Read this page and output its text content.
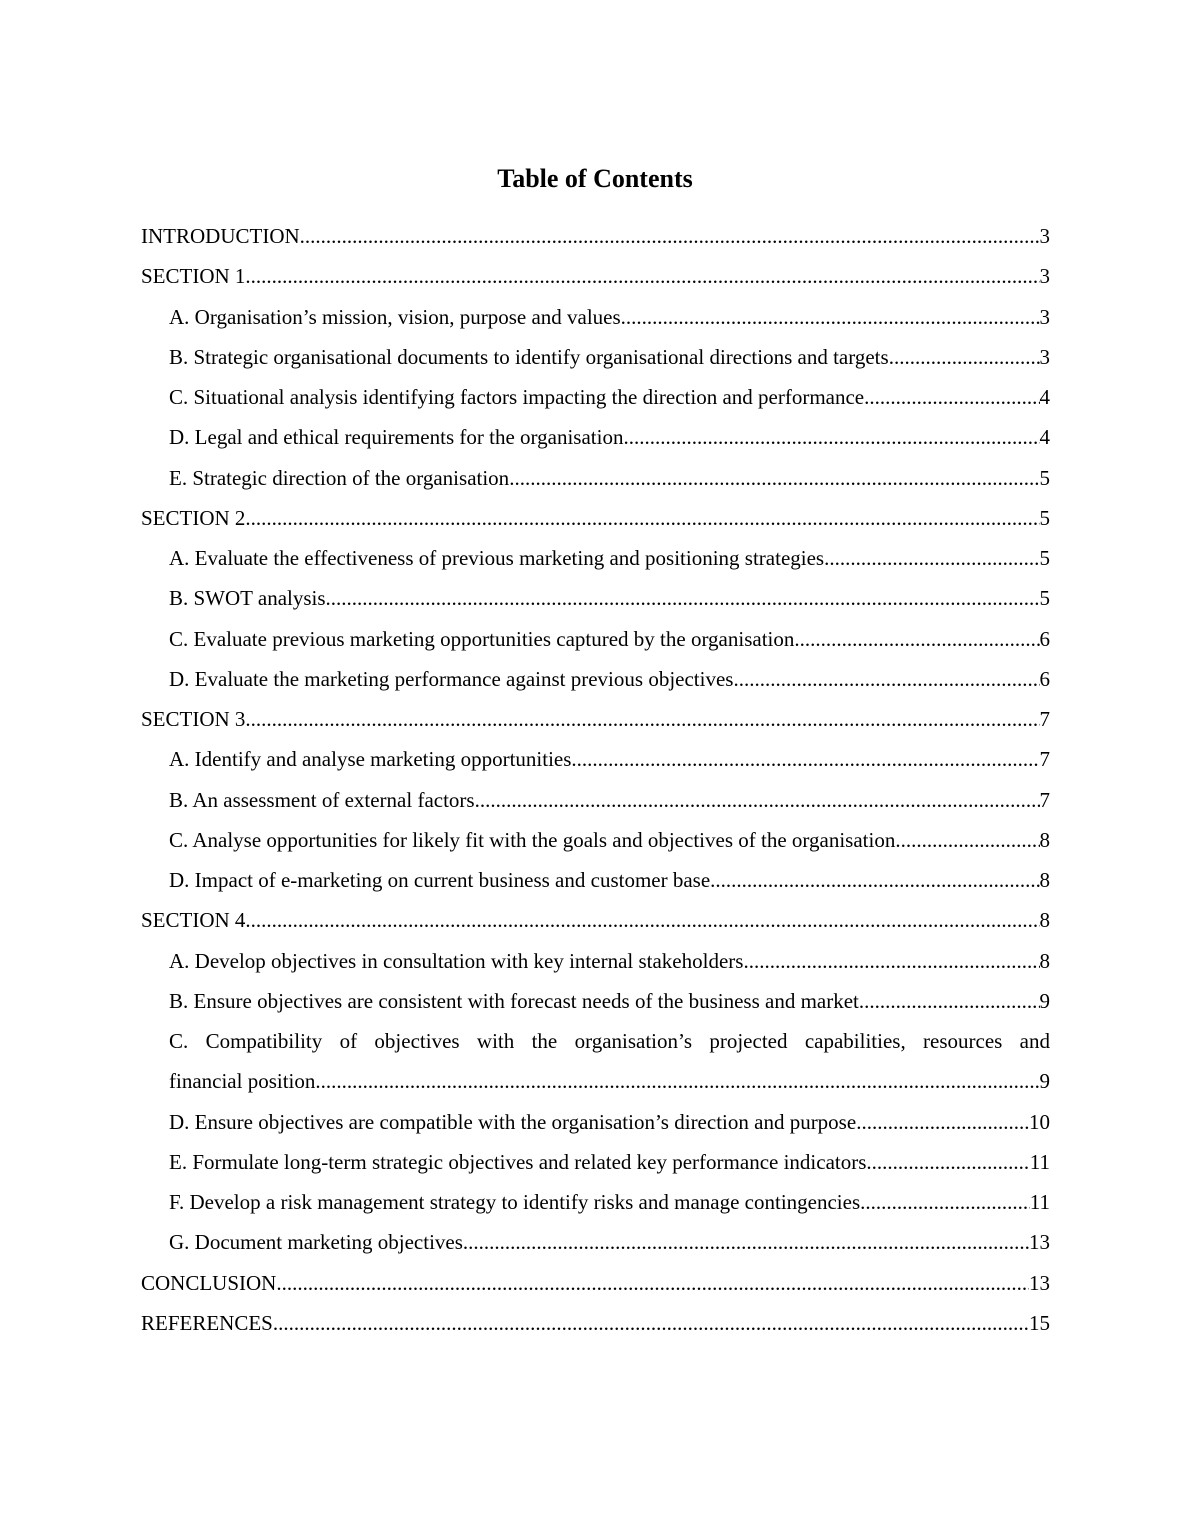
Table of Contents
INTRODUCTION .....	3
SECTION 1 .....	3
A. Organisation’s mission, vision, purpose and values .....	3
B. Strategic organisational documents to identify organisational directions and targets .....	3
C. Situational analysis identifying factors impacting the direction and performance .....	4
D. Legal and ethical requirements for the organisation .....	4
E. Strategic direction of the organisation .....	5
SECTION 2 .....	5
A. Evaluate the effectiveness of previous marketing and positioning strategies .....	5
B. SWOT analysis .....	5
C. Evaluate previous marketing opportunities captured by the organisation .....	6
D. Evaluate the marketing performance against previous objectives .....	6
SECTION 3 .....	7
A. Identify and analyse marketing opportunities .....	7
B. An assessment of external factors .....	7
C. Analyse opportunities for likely fit with the goals and objectives of the organisation .....	8
D. Impact of e-marketing on current business and customer base .....	8
SECTION 4 .....	8
A. Develop objectives in consultation with key internal stakeholders .....	8
B. Ensure objectives are consistent with forecast needs of the business and market .....	9
C. Compatibility of objectives with the organisation’s projected capabilities, resources and
financial position .....	9
D. Ensure objectives are compatible with the organisation’s direction and purpose .....	10
E. Formulate long-term strategic objectives and related key performance indicators .....	11
F. Develop a risk management strategy to identify risks and manage contingencies .....	11
G. Document marketing objectives .....	13
CONCLUSION .....	13
REFERENCES .....	15
